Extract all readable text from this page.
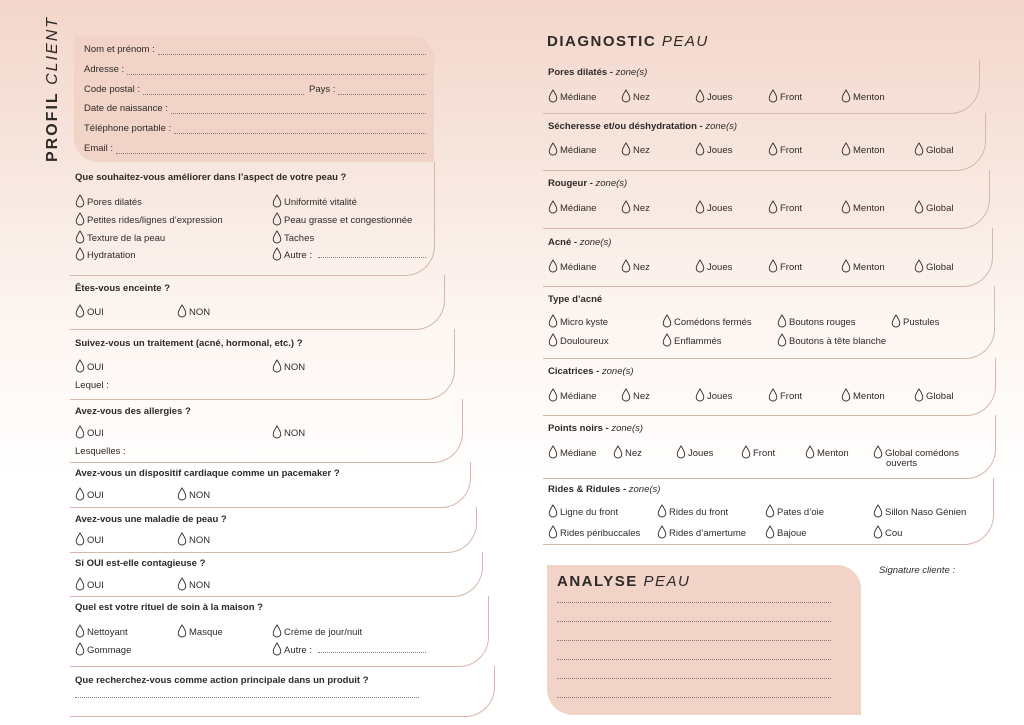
PROFIL CLIENT Nom et prénom :
Adresse :
Code postal :	Pays :
Date de naissance :
Téléphone portable :
Email :
Que souhaitez-vous améliorer dans l’aspect de votre peau ?
Pores dilatés	Uniformité vitalité
Petites rides/lignes d’expression	Peau grasse et congestionnée
Texture de la peau	Taches
Hydratation	Autre :
Êtes-vous enceinte ?
OUI	NON
Suivez-vous un traitement (acné, hormonal, etc.) ?
OUI	NON
Lequel :
Avez-vous des allergies ?
OUI	NON
Lesquelles :
Avez-vous un dispositif cardiaque comme un pacemaker ?
OUI	NON
Avez-vous une maladie de peau ?
OUI	NON
Si OUI est-elle contagieuse ?
OUI	NON
Quel est votre rituel de soin à la maison ?
Nettoyant	Masque	Crème de jour/nuit
Gommage	Autre :
Que recherchez-vous comme action principale dans un produit ?
DIAGNOSTIC PEAU
Pores dilatés - zone(s)
Médiane	Nez	Joues	Front	Menton
Sécheresse et/ou déshydratation - zone(s)
Médiane	Nez	Joues	Front	Menton	Global
Rougeur - zone(s)
Médiane	Nez	Joues	Front	Menton	Global
Acné - zone(s)
Médiane	Nez	Joues	Front	Menton	Global
Type d’acné
Micro kyste	Comédons fermés	Boutons rouges	Pustules
Douloureux	Enflammés	Boutons à tête blanche
Cicatrices - zone(s)
Médiane	Nez	Joues	Front	Menton	Global
Points noirs - zone(s)
Médiane	Nez	Joues	Front	Menton	Global comédons
ouverts
Rides & Ridules - zone(s)
Ligne du front	Rides du front	Pates d’oie	Sillon Naso Génien
Rides péribuccales	Rides d’amertume	Bajoue	Cou
ANALYSE PEAU
Signature cliente :
